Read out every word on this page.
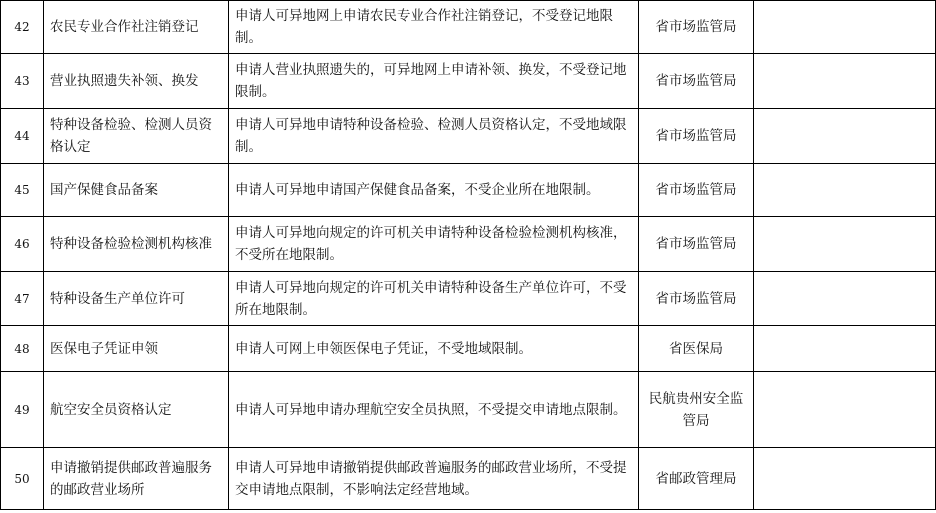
42	农民专业合作社注销登记	申请人可异地网上申请农民专业合作社注销登记，不受登记地限制。	省市场监管局	
43	营业执照遗失补领、换发	申请人营业执照遗失的，可异地网上申请补领、换发，不受登记地限制。	省市场监管局	
44	特种设备检验、检测人员资格认定	申请人可异地申请特种设备检验、检测人员资格认定，不受地域限制。	省市场监管局	
45	国产保健食品备案	申请人可异地申请国产保健食品备案，不受企业所在地限制。	省市场监管局	
46	特种设备检验检测机构核准	申请人可异地向规定的许可机关申请特种设备检验检测机构核准，不受所在地限制。	省市场监管局	
47	特种设备生产单位许可	申请人可异地向规定的许可机关申请特种设备生产单位许可，不受所在地限制。	省市场监管局	
48	医保电子凭证申领	申请人可网上申领医保电子凭证，不受地域限制。	省医保局	
49	航空安全员资格认定	申请人可异地申请办理航空安全员执照，不受提交申请地点限制。	民航贵州安全监管局	
50	申请撤销提供邮政普遍服务的邮政营业场所	申请人可异地申请撤销提供邮政普遍服务的邮政营业场所，不受提交申请地点限制，不影响法定经营地域。	省邮政管理局	
